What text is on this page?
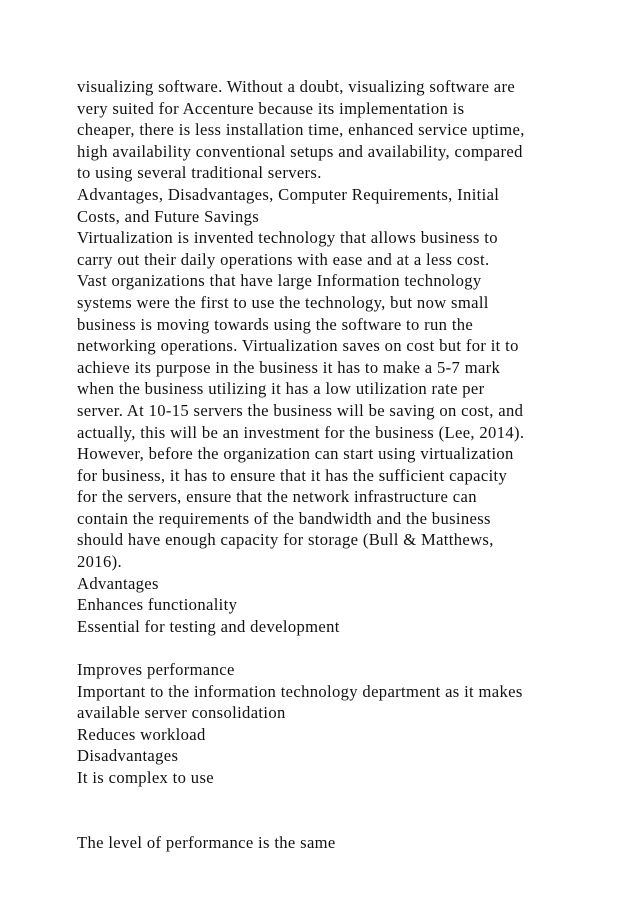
visualizing software. Without a doubt, visualizing software are
very suited for Accenture because its implementation is
cheaper, there is less installation time, enhanced service uptime,
high availability conventional setups and availability, compared
to using several traditional servers.
Advantages, Disadvantages, Computer Requirements, Initial
Costs, and Future Savings
Virtualization is invented technology that allows business to
carry out their daily operations with ease and at a less cost.
Vast organizations that have large Information technology
systems were the first to use the technology, but now small
business is moving towards using the software to run the
networking operations. Virtualization saves on cost but for it to
achieve its purpose in the business it has to make a 5-7 mark
when the business utilizing it has a low utilization rate per
server. At 10-15 servers the business will be saving on cost, and
actually, this will be an investment for the business (Lee, 2014).
However, before the organization can start using virtualization
for business, it has to ensure that it has the sufficient capacity
for the servers, ensure that the network infrastructure can
contain the requirements of the bandwidth and the business
should have enough capacity for storage (Bull & Matthews,
2016).
Advantages
Enhances functionality
Essential for testing and development
Improves performance
Important to the information technology department as it makes
available server consolidation
Reduces workload
Disadvantages
It is complex to use
The level of performance is the same
